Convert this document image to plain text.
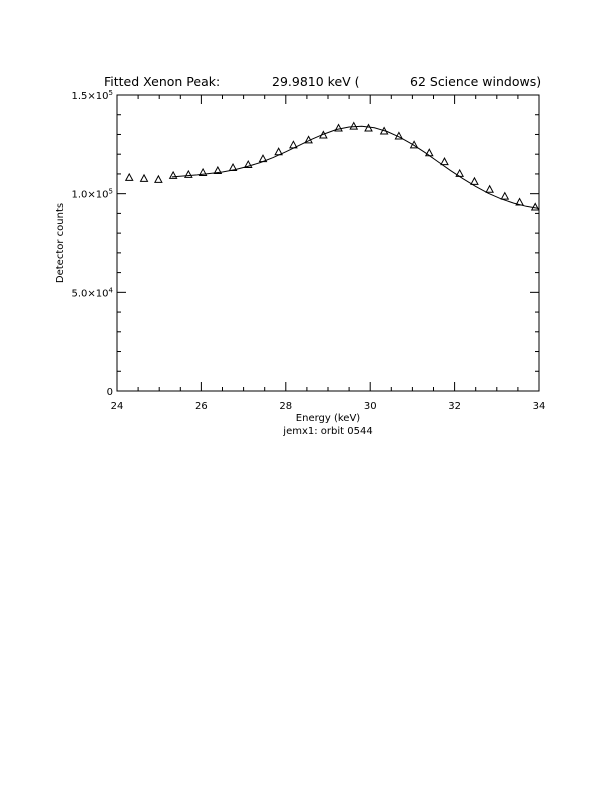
Fitted Xenon Peak:	29.9810 keV (	62 Science windows)
24	26	28	30	32	34
0
$5.0\times 10^4$
$1.0\times 10^5$
$1.5\times 10^5$
Energy (keV)
jemx1: orbit 0544
Detector counts
